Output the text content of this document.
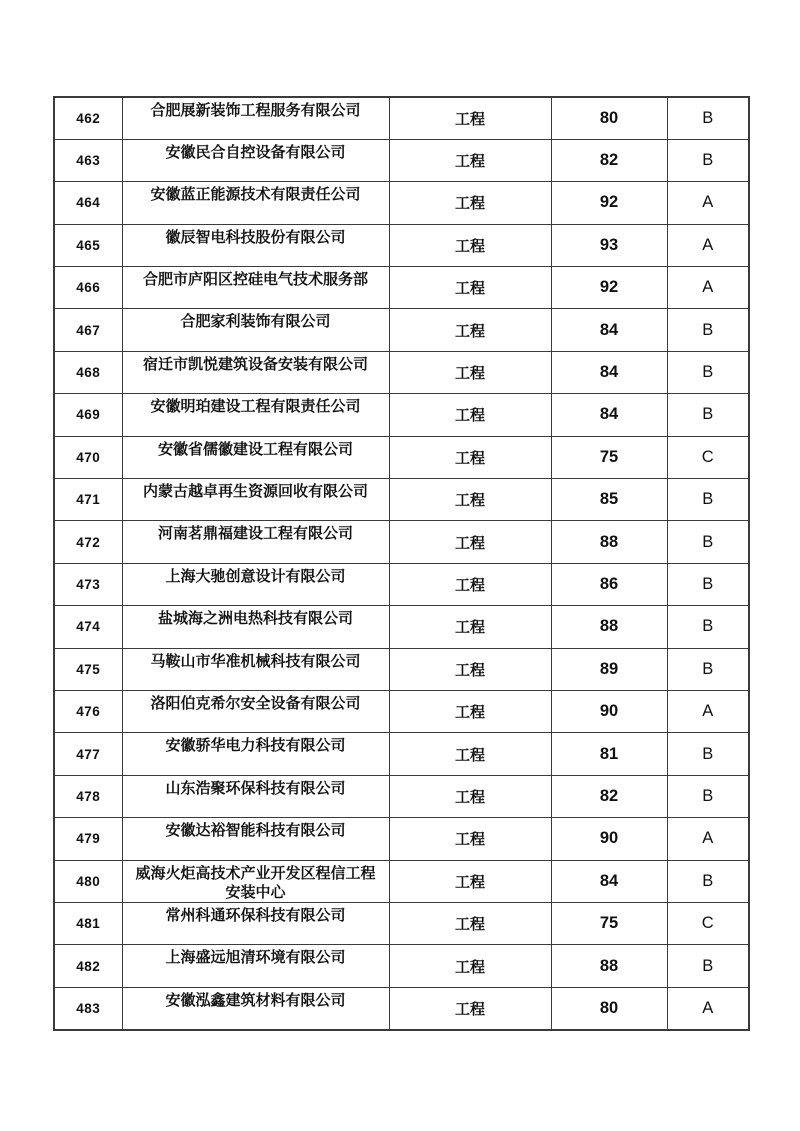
462	合肥展新装饰工程服务有限公司	工程	80	B
463	安徽民合自控设备有限公司	工程	82	B
464	安徽蓝正能源技术有限责任公司	工程	92	A
465	徽辰智电科技股份有限公司	工程	93	A
466	合肥市庐阳区控硅电气技术服务部	工程	92	A
467	合肥家利装饰有限公司	工程	84	B
468	宿迁市凯悦建筑设备安装有限公司	工程	84	B
469	安徽明珀建设工程有限责任公司	工程	84	B
470	安徽省儒徽建设工程有限公司	工程	75	C
471	内蒙古越卓再生资源回收有限公司	工程	85	B
472	河南茗鼎福建设工程有限公司	工程	88	B
473	上海大驰创意设计有限公司	工程	86	B
474	盐城海之洲电热科技有限公司	工程	88	B
475	马鞍山市华准机械科技有限公司	工程	89	B
476	洛阳伯克希尔安全设备有限公司	工程	90	A
477	安徽骄华电力科技有限公司	工程	81	B
478	山东浩聚环保科技有限公司	工程	82	B
479	安徽达裕智能科技有限公司	工程	90	A
480	威海火炬高技术产业开发区程信工程安装中心	工程	84	B
481	常州科通环保科技有限公司	工程	75	C
482	上海盛远旭清环境有限公司	工程	88	B
483	安徽泓鑫建筑材料有限公司	工程	80	A
